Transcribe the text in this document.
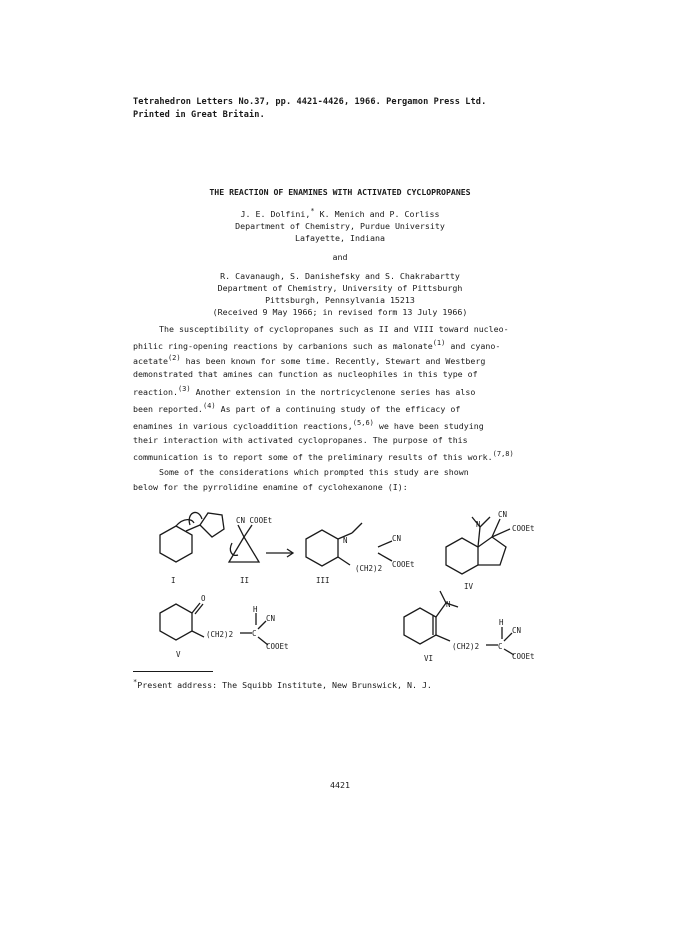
Tetrahedron Letters No.37, pp. 4421-4426, 1966. Pergamon Press Ltd.
Printed in Great Britain.
THE REACTION OF ENAMINES WITH ACTIVATED CYCLOPROPANES
J. E. Dolfini,* K. Menich and P. Corliss
Department of Chemistry, Purdue University
Lafayette, Indiana
and
R. Cavanaugh, S. Danishefsky and S. Chakrabartty
Department of Chemistry, University of Pittsburgh
Pittsburgh, Pennsylvania 15213
(Received 9 May 1966; in revised form 13 July 1966)
The susceptibility of cyclopropanes such as II and VIII toward nucleo-
philic ring-opening reactions by carbanions such as malonate$^{(1)}$ and cyano-
acetate$^{(2)}$ has been known for some time. Recently, Stewart and Westberg
demonstrated that amines can function as nucleophiles in this type of
reaction.$^{(3)}$ Another extension in the nortricyclenone series has also
been reported.$^{(4)}$ As part of a continuing study of the efficacy of
enamines in various cycloaddition reactions,$^{(5,6)}$ we have been studying
their interaction with activated cyclopropanes. The purpose of this
communication is to report some of the preliminary results of this work.$^{(7,8)}$
Some of the considerations which prompted this study are shown
below for the pyrrolidine enamine of cyclohexanone (I):
CN COOEt
N
(CH2)2
CN
COOEt
N
CN
COOEt
O
(CH2)2
H
C
CN
COOEt
N
(CH2)2
H
C
CN
COOEt
I	II	III
IV
V	VI
*Present address: The Squibb Institute, New Brunswick, N. J.
4421
